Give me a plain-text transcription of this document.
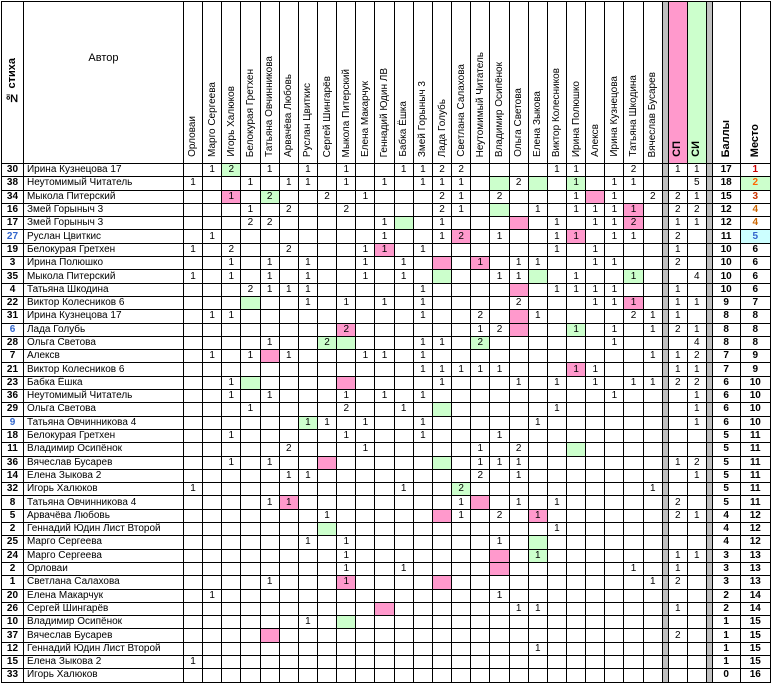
№ стиха	Автор	Орловаи	Марго Сергеева	Игорь Халюков	Белокурая Гретхен	Татьяна Овчинникова	Арвачёва Любовь	Руслан Цвиткис	Сергей Шингарёв	Мыкола Питерский	Елена Макарчук	Геннадий Юдин ЛВ	Бабка Ёшка	Змей Горыныч 3	Лада Голубь	Светлана Салахова	Неутомимый Читатель	Владимир Осипёнок	Ольга Светова	Елена Зыкова	Виктор Колесников	Ирина Полюшко	Алексв	Ирина Кузнецова	Татьяна Шкодина	Вячеслав Бусарев		СП	СИ		Баллы	Место
30	Ирина Кузнецова 17		1	2		1		1		1			1	1	2	2					1	1			2			1	1		17	1
38	Неутомимый Читатель	1			1		1	1		1		1		1	1	1			2			1		1	1				5		18	2
34	Мыкола Питерский			1		2			2		1				2	1		2				1		1		2		2	1		15	3
16	Змей Горыныч 3				1		2			2					2	1				1		1	1	1	1			2	2		12	4
17	Змей Горыныч 3				2	2						1			1						1		1	1	2			1	1		12	4
27	Руслан Цвиткис		1									1			1	2		1			1	1		1	1			2			11	5
19	Белокурая Гретхен	1		2			2				1	1		1							1		1					1			10	6
3	Ирина Полюшко			1		1		1			1		1				1		1	1			1	1				2			10	6
35	Мыкола Питерский	1		1		1		1			1		1					1	1			1			1				4		10	6
4	Татьяна Шкодина				2	1	1	1						1							1	1	1	1				1			10	6
22	Виктор Колесников 6							1		1		1		1					2				1	1	1			1	1		9	7
31	Ирина Кузнецова 17		1	1										1			2			1					2	1		1			8	8
6	Лада Голубь									2							1	2				1		1		1		2	1		8	8
28	Ольга Светова					1			2					1	1		2							1					4		8	8
7	Алексв		1		1		1				1	1		1												1		1	2		7	9
21	Виктор Колесников 6													1	1	1	1	1				1	1					1	1		7	9
23	Бабка Ёшка			1											1				1		1		1		1	1		2	2		6	10
36	Неутомимый Читатель			1		1				1		1		1										1					1		6	10
29	Ольга Светова				1					2			1								1								1		6	10
9	Татьяна Овчинникова 4							1	1		1			1						1									1		6	10
18	Белокурая Гретхен			1						1				1				1													5	11
11	Владимир Осипёнок						2				1						1		2												5	11
36	Вячеслав Бусарев			1		1											1	1	1									1	2		5	11
14	Елена Зыкова 2						1	1									2		1										1		5	11
32	Игорь Халюков	1											1			2										1					5	11
8	Татьяна Овчинникова 4					1	1									1			1		1							2			5	11
5	Арвачёва Любовь								1							1		2		1								2	1		4	12
2	Геннадий Юдин Лист Второй																				1										4	12
25	Марго Сергеева							1		1								1													4	12
24	Марго Сергеева									1										1								1	1		3	13
2	Орловаи									1			1												1			1			3	13
1	Светлана Салахова					1				1																1		2			3	13
20	Елена Макарчук		1															1													2	14
26	Сергей Шингарёв																		1	1								1			2	14
10	Владимир Осипёнок							1																							1	15
37	Вячеслав Бусарев																											2			1	15
12	Геннадий Юдин Лист Второй																			1											1	15
15	Елена Зыкова 2	1																													1	15
33	Игорь Халюков																														0	16
